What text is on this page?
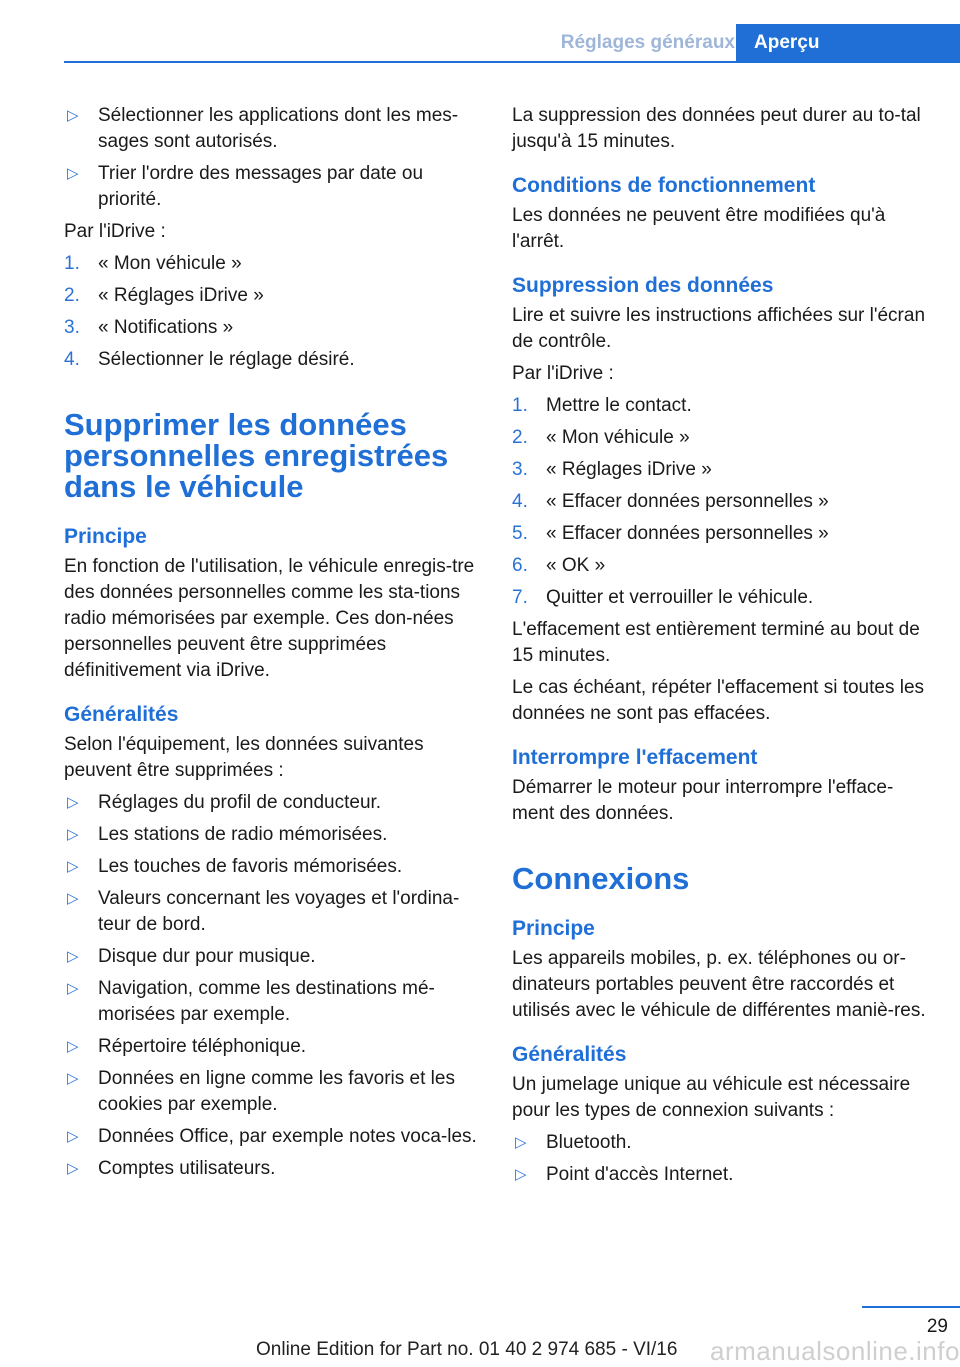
Réglages généraux	Aperçu
▷ Sélectionner les applications dont les mes-sages sont autorisés.
▷ Trier l'ordre des messages par date ou priorité.

Par l'iDrive :

1. « Mon véhicule »
2. « Réglages iDrive »
3. « Notifications »
4. Sélectionner le réglage désiré.
Supprimer les données personnelles enregistrées dans le véhicule
Principe

En fonction de l'utilisation, le véhicule enregis-tre des données personnelles comme les sta-tions radio mémorisées par exemple. Ces don-nées personnelles peuvent être supprimées définitivement via iDrive.

Généralités

Selon l'équipement, les données suivantes peuvent être supprimées :

▷ Réglages du profil de conducteur.
▷ Les stations de radio mémorisées.
▷ Les touches de favoris mémorisées.
▷ Valeurs concernant les voyages et l'ordina-teur de bord.
▷ Disque dur pour musique.
▷ Navigation, comme les destinations mé-morisées par exemple.
▷ Répertoire téléphonique.
▷ Données en ligne comme les favoris et les cookies par exemple.
▷ Données Office, par exemple notes voca-les.
▷ Comptes utilisateurs.

La suppression des données peut durer au to-tal jusqu'à 15 minutes.

Conditions de fonctionnement

Les données ne peuvent être modifiées qu'à l'arrêt.

Suppression des données

Lire et suivre les instructions affichées sur l'écran de contrôle.

Par l'iDrive :

1. Mettre le contact.
2. « Mon véhicule »
3. « Réglages iDrive »
4. « Effacer données personnelles »
5. « Effacer données personnelles »
6. « OK »
7. Quitter et verrouiller le véhicule.

L'effacement est entièrement terminé au bout de 15 minutes.

Le cas échéant, répéter l'effacement si toutes les données ne sont pas effacées.

Interrompre l'effacement

Démarrer le moteur pour interrompre l'efface-ment des données.

Connexions
Principe

Les appareils mobiles, p. ex. téléphones ou or-dinateurs portables peuvent être raccordés et utilisés avec le véhicule de différentes maniè-res.

Généralités

Un jumelage unique au véhicule est nécessaire pour les types de connexion suivants :

▷ Bluetooth.
▷ Point d'accès Internet.
29
Online Edition for Part no. 01 40 2 974 685 - VI/16 armanualsonline.info
